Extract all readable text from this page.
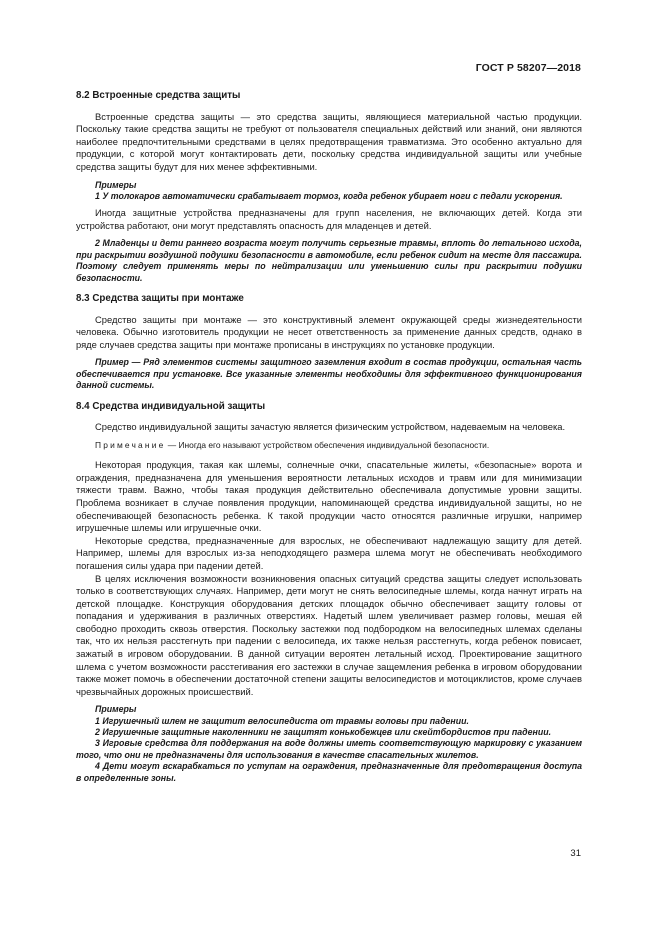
ГОСТ Р 58207—2018
8.2 Встроенные средства защиты

Встроенные средства защиты — это средства защиты, являющиеся материальной частью продукции. Поскольку такие средства защиты не требуют от пользователя специальных действий или знаний, они являются наиболее предпочтительными средствами в целях предотвращения травматизма. Это особенно актуально для продукции, с которой могут контактировать дети, поскольку средства индивидуальной защиты или учебные средства защиты будут для них менее эффективными.

Примеры

1 У толокаров автоматически срабатывает тормоз, когда ребенок убирает ноги с педали ускорения.

Иногда защитные устройства предназначены для групп населения, не включающих детей. Когда эти устройства работают, они могут представлять опасность для младенцев и детей.

2 Младенцы и дети раннего возраста могут получить серьезные травмы, вплоть до летального исхода, при раскрытии воздушной подушки безопасности в автомобиле, если ребенок сидит на месте для пассажира. Поэтому следует применять меры по нейтрализации или уменьшению силы при раскрытии подушки безопасности.

8.3 Средства защиты при монтаже

Средство защиты при монтаже — это конструктивный элемент окружающей среды жизнедеятельности человека. Обычно изготовитель продукции не несет ответственность за применение данных средств, однако в ряде случаев средства защиты при монтаже прописаны в инструкциях по установке продукции.

Пример — Ряд элементов системы защитного заземления входит в состав продукции, остальная часть обеспечивается при установке. Все указанные элементы необходимы для эффективного функционирования данной системы.

8.4 Средства индивидуальной защиты

Средство индивидуальной защиты зачастую является физическим устройством, надеваемым на человека.

Примечание — Иногда его называют устройством обеспечения индивидуальной безопасности.

Некоторая продукция, такая как шлемы, солнечные очки, спасательные жилеты, «безопасные» ворота и ограждения, предназначена для уменьшения вероятности летальных исходов и травм или для минимизации тяжести травм. Важно, чтобы такая продукция действительно обеспечивала допустимые уровни защиты. Проблема возникает в случае появления продукции, напоминающей средства индивидуальной защиты, но не обеспечивающей безопасность ребенка. К такой продукции часто относятся различные игрушки, например игрушечные шлемы или игрушечные очки.

Некоторые средства, предназначенные для взрослых, не обеспечивают надлежащую защиту для детей. Например, шлемы для взрослых из-за неподходящего размера шлема могут не обеспечивать необходимого погашения силы удара при падении детей.

В целях исключения возможности возникновения опасных ситуаций средства защиты следует использовать только в соответствующих случаях. Например, дети могут не снять велосипедные шлемы, когда начнут играть на детской площадке. Конструкция оборудования детских площадок обычно обеспечивает защиту головы от попадания и удерживания в различных отверстиях. Надетый шлем увеличивает размер головы, мешая ей свободно проходить сквозь отверстия. Поскольку застежки под подбородком на велосипедных шлемах сделаны так, что их нельзя расстегнуть при падении с велосипеда, их также нельзя расстегнуть, когда ребенок повисает, зажатый в игровом оборудовании. В данной ситуации вероятен летальный исход. Проектирование защитного шлема с учетом возможности расстегивания его застежки в случае защемления ребенка в игровом оборудовании также может помочь в обеспечении достаточной степени защиты велосипедистов и мотоциклистов, кроме случаев чрезвычайных дорожных происшествий.

Примеры

1 Игрушечный шлем не защитит велосипедиста от травмы головы при падении.

2 Игрушечные защитные наколенники не защитят конькобежцев или скейтбордистов при падении.

3 Игровые средства для поддержания на воде должны иметь соответствующую маркировку с указанием того, что они не предназначены для использования в качестве спасательных жилетов.

4 Дети могут вскарабкаться по уступам на ограждения, предназначенные для предотвращения доступа в определенные зоны.

31
